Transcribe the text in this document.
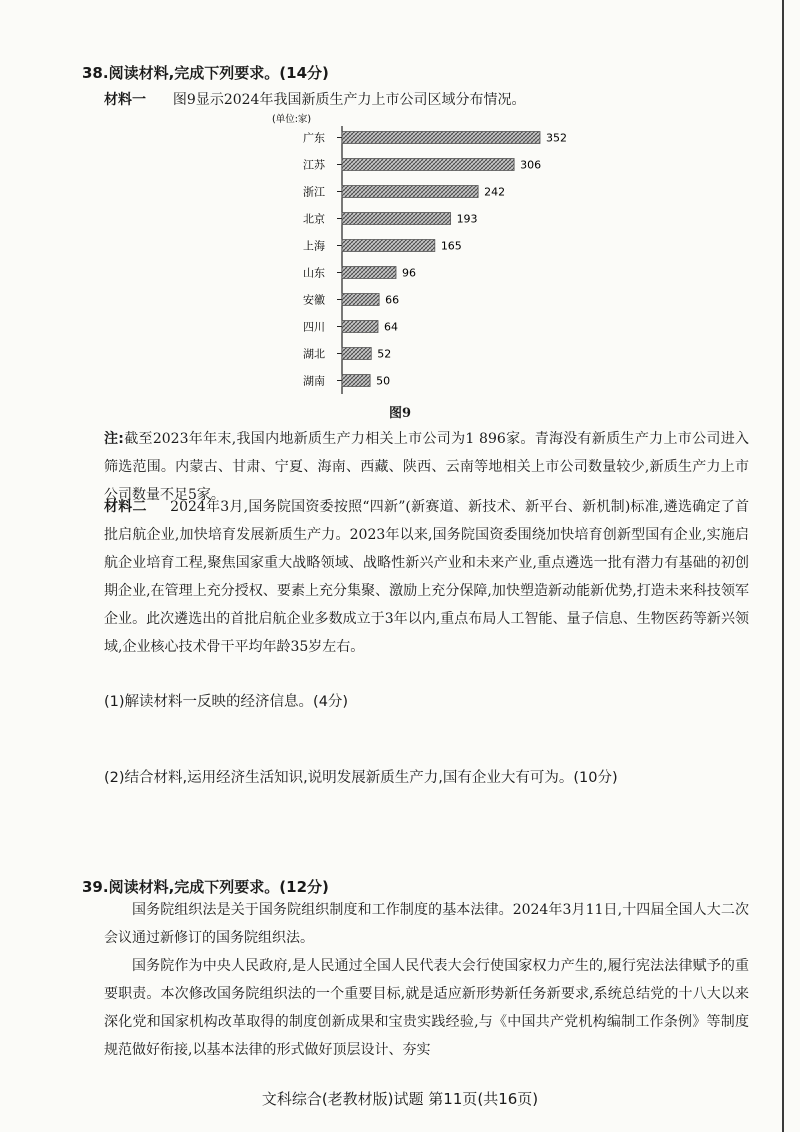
38.阅读材料,完成下列要求。(14分)
材料一 图9显示2024年我国新质生产力上市公司区域分布情况。
(单位:家)
广东	352
江苏	306
浙江	242
北京	193
上海	165
山东	96
安徽	66
四川	64
湖北	52
湖南	50
图9
注:截至2023年年末,我国内地新质生产力相关上市公司为1 896家。青海没有新质生产力上市公司进入筛选范围。内蒙古、甘肃、宁夏、海南、西藏、陕西、云南等地相关上市公司数量较少,新质生产力上市公司数量不足5家。
材料二 2024年3月,国务院国资委按照“四新”(新赛道、新技术、新平台、新机制)标准,遴选确定了首批启航企业,加快培育发展新质生产力。2023年以来,国务院国资委围绕加快培育创新型国有企业,实施启航企业培育工程,聚焦国家重大战略领域、战略性新兴产业和未来产业,重点遴选一批有潜力有基础的初创期企业,在管理上充分授权、要素上充分集聚、激励上充分保障,加快塑造新动能新优势,打造未来科技领军企业。此次遴选出的首批启航企业多数成立于3年以内,重点布局人工智能、量子信息、生物医药等新兴领域,企业核心技术骨干平均年龄35岁左右。
(1)解读材料一反映的经济信息。(4分)
(2)结合材料,运用经济生活知识,说明发展新质生产力,国有企业大有可为。(10分)
39.阅读材料,完成下列要求。(12分)
国务院组织法是关于国务院组织制度和工作制度的基本法律。2024年3月11日,十四届全国人大二次会议通过新修订的国务院组织法。
国务院作为中央人民政府,是人民通过全国人民代表大会行使国家权力产生的,履行宪法法律赋予的重要职责。本次修改国务院组织法的一个重要目标,就是适应新形势新任务新要求,系统总结党的十八大以来深化党和国家机构改革取得的制度创新成果和宝贵实践经验,与《中国共产党机构编制工作条例》等制度规范做好衔接,以基本法律的形式做好顶层设计、夯实
文科综合(老教材版)试题 第11页(共16页)
